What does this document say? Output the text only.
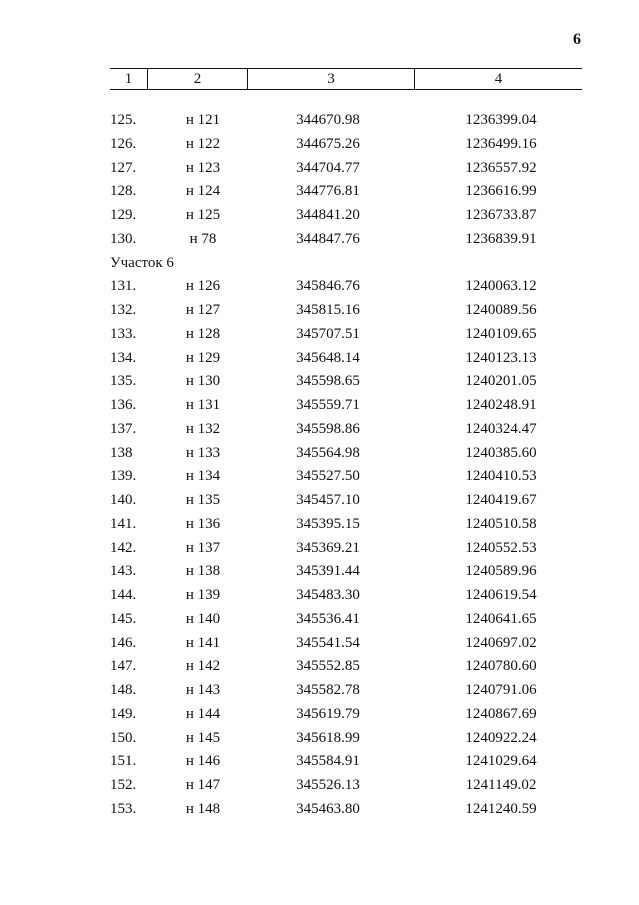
6
1	2	3	4
125.	н 121	344670.98	1236399.04
126.	н 122	344675.26	1236499.16
127.	н 123	344704.77	1236557.92
128.	н 124	344776.81	1236616.99
129.	н 125	344841.20	1236733.87
130.	н 78	344847.76	1236839.91
Участок 6
131.	н 126	345846.76	1240063.12
132.	н 127	345815.16	1240089.56
133.	н 128	345707.51	1240109.65
134.	н 129	345648.14	1240123.13
135.	н 130	345598.65	1240201.05
136.	н 131	345559.71	1240248.91
137.	н 132	345598.86	1240324.47
138	н 133	345564.98	1240385.60
139.	н 134	345527.50	1240410.53
140.	н 135	345457.10	1240419.67
141.	н 136	345395.15	1240510.58
142.	н 137	345369.21	1240552.53
143.	н 138	345391.44	1240589.96
144.	н 139	345483.30	1240619.54
145.	н 140	345536.41	1240641.65
146.	н 141	345541.54	1240697.02
147.	н 142	345552.85	1240780.60
148.	н 143	345582.78	1240791.06
149.	н 144	345619.79	1240867.69
150.	н 145	345618.99	1240922.24
151.	н 146	345584.91	1241029.64
152.	н 147	345526.13	1241149.02
153.	н 148	345463.80	1241240.59
